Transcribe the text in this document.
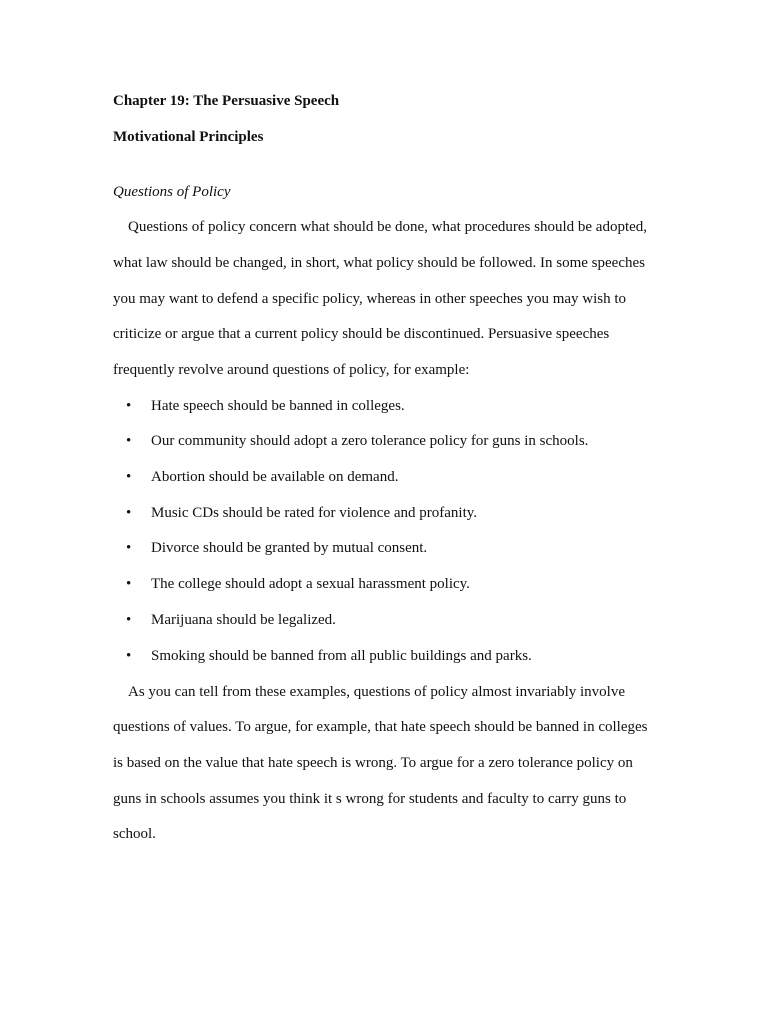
Chapter 19: The Persuasive Speech
Motivational Principles
Questions of Policy
Questions of policy concern what should be done, what procedures should be adopted,
what law should be changed, in short, what policy should be followed. In some speeches
you may want to defend a specific policy, whereas in other speeches you may wish to
criticize or argue that a current policy should be discontinued. Persuasive speeches
frequently revolve around questions of policy, for example:
• Hate speech should be banned in colleges.
• Our community should adopt a zero tolerance policy for guns in schools.
• Abortion should be available on demand.
• Music CDs should be rated for violence and profanity.
• Divorce should be granted by mutual consent.
• The college should adopt a sexual harassment policy.
• Marijuana should be legalized.
• Smoking should be banned from all public buildings and parks.
As you can tell from these examples, questions of policy almost invariably involve
questions of values. To argue, for example, that hate speech should be banned in colleges
is based on the value that hate speech is wrong. To argue for a zero tolerance policy on
guns in schools assumes you think it s wrong for students and faculty to carry guns to
school.
